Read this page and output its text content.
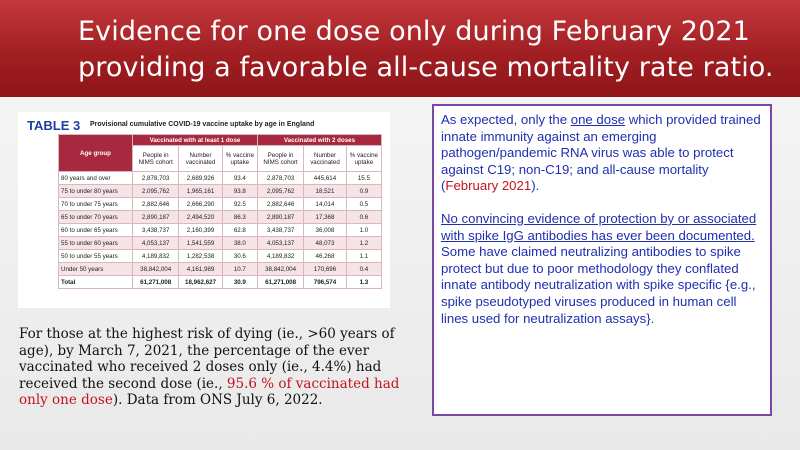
Evidence for one dose only during February 2021
providing a favorable all-cause mortality rate ratio.
TABLE 3 Provisional cumulative COVID-19 vaccine uptake by age in England
Age group	Vaccinated with at least 1 dose			Vaccinated with 2 doses		
	People in NIMS cohort	Number vaccinated	% vaccine uptake	People in NIMS cohort	Number vaccinated	% vaccine uptake
80 years and over	2,878,703	2,689,926	93.4	2,878,703	445,614	15.5
75 to under 80 years	2,095,762	1,965,161	93.8	2,095,762	18,521	0.9
70 to under 75 years	2,882,646	2,666,290	92.5	2,882,646	14,014	0.5
65 to under 70 years	2,890,187	2,494,520	86.3	2,890,187	17,368	0.6
60 to under 65 years	3,438,737	2,160,399	62.8	3,438,737	36,008	1.0
55 to under 60 years	4,053,137	1,541,559	38.0	4,053,137	48,073	1.2
50 to under 55 years	4,189,832	1,282,538	30.6	4,189,832	46,268	1.1
Under 50 years	38,842,004	4,161,989	10.7	38,842,004	170,696	0.4
Total	61,271,008	18,962,627	30.9	61,271,008	796,574	1.3
For those at the highest risk of dying (ie., >60 years of age), by March 7, 2021, the percentage of the ever vaccinated who received 2 doses only (ie., 4.4%) had received the second dose (ie., 95.6 % of vaccinated had only one dose). Data from ONS July 6, 2022.

As expected, only the one dose which provided trained innate immunity against an emerging pathogen/pandemic RNA virus was able to protect against C19; non-C19; and all-cause mortality (February 2021).

No convincing evidence of protection by or associated with spike IgG antibodies has ever been documented. Some have claimed neutralizing antibodies to spike protect but due to poor methodology they conflated innate antibody neutralization with spike specific {e.g., spike pseudotyped viruses produced in human cell lines used for neutralization assays}.
